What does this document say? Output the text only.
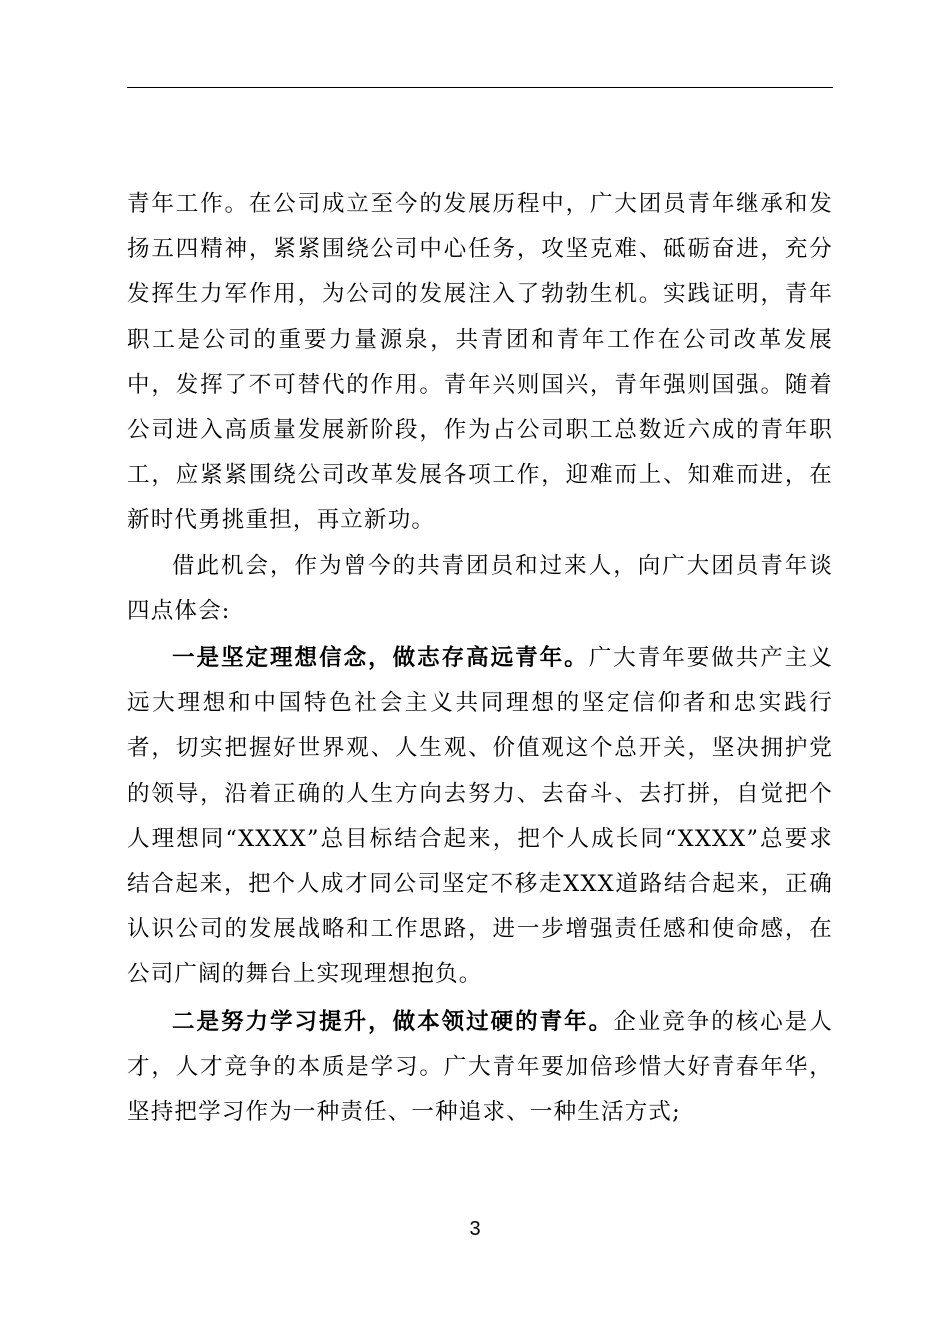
青年工作。在公司成立至今的发展历程中，广大团员青年继承和发扬五四精神，紧紧围绕公司中心任务，攻坚克难、砥砺奋进，充分发挥生力军作用，为公司的发展注入了勃勃生机。实践证明，青年职工是公司的重要力量源泉，共青团和青年工作在公司改革发展中，发挥了不可替代的作用。青年兴则国兴，青年强则国强。随着公司进入高质量发展新阶段，作为占公司职工总数近六成的青年职工，应紧紧围绕公司改革发展各项工作，迎难而上、知难而进，在新时代勇挑重担，再立新功。

借此机会，作为曾今的共青团员和过来人，向广大团员青年谈四点体会:

一是坚定理想信念，做志存高远青年。广大青年要做共产主义远大理想和中国特色社会主义共同理想的坚定信仰者和忠实践行者，切实把握好世界观、人生观、价值观这个总开关，坚决拥护党的领导，沿着正确的人生方向去努力、去奋斗、去打拼，自觉把个人理想同“XXXX”总目标结合起来，把个人成长同“XXXX”总要求结合起来，把个人成才同公司坚定不移走XXX道路结合起来，正确认识公司的发展战略和工作思路，进一步增强责任感和使命感，在公司广阔的舞台上实现理想抱负。

二是努力学习提升，做本领过硬的青年。企业竞争的核心是人才，人才竞争的本质是学习。广大青年要加倍珍惜大好青春年华，坚持把学习作为一种责任、一种追求、一种生活方式;

3
